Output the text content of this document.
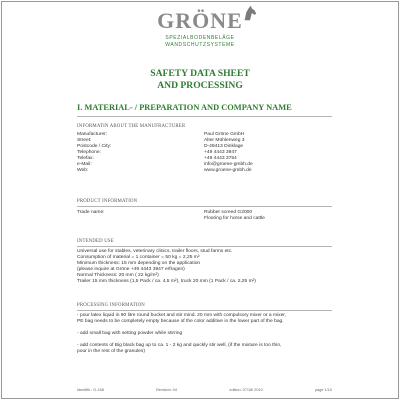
GRÖNE
SPEZIALBODENBELÄGE
WANDSCHUTZSYSTEME
SAFETY DATA SHEET
AND PROCESSING
I. MATERIAL- / PREPARATION AND COMPANY NAME
INFORMATIN ABOUT THE MANUFRACTURER
Manufacturer:	Paul Gröne GmbH
Street:	Alter Mühlenweg 3
Postcode / City:	D-49413 Dinklage
Telephone:	+49 4443 3947
Telefax:	+49 4443 3754
e-Mail:	info@groene-gmbh.de
Web:	www.groene-gmbh.de
PRODUCT INFORMATION
Trade name:	Rubber screed G2000
Flooring for horse and cattle
INTENDED USE
Universal use for stables, veterinary clinics, trailer floors, stud farms etc.
Consumption of material = 1 container = 50 kg = 2,25 m²
Minimum thickness: 15 mm depending on the application
(please inquire at Gröne +49 4443 3947 erfragen)
Normal Thickness: 20 mm ( 22 kg/m²)
Trailer 15 mm thickness (1,5 Pack / ca. 4,5 m²), truck 20 mm (1 Pack / ca. 2,25 m²)
PROCESSING INFORMATION
- pour latex liquid in 90 litre round bucket and stir mind. 20 mm with compulsory mixer or a mixer,
PE bag needs to be completely empty because of the color additive in the lower part of the bag.
- add small bag with setting powder while stirring
- add contents of Big black bag up to ca. 1 - 2 kg and quickly stir well, (if the mixture is too thin,
pour in the rest of the granules)
Identifik.: G-168	Revision: 04	edition: 07/18/ 2010	page 1/10
